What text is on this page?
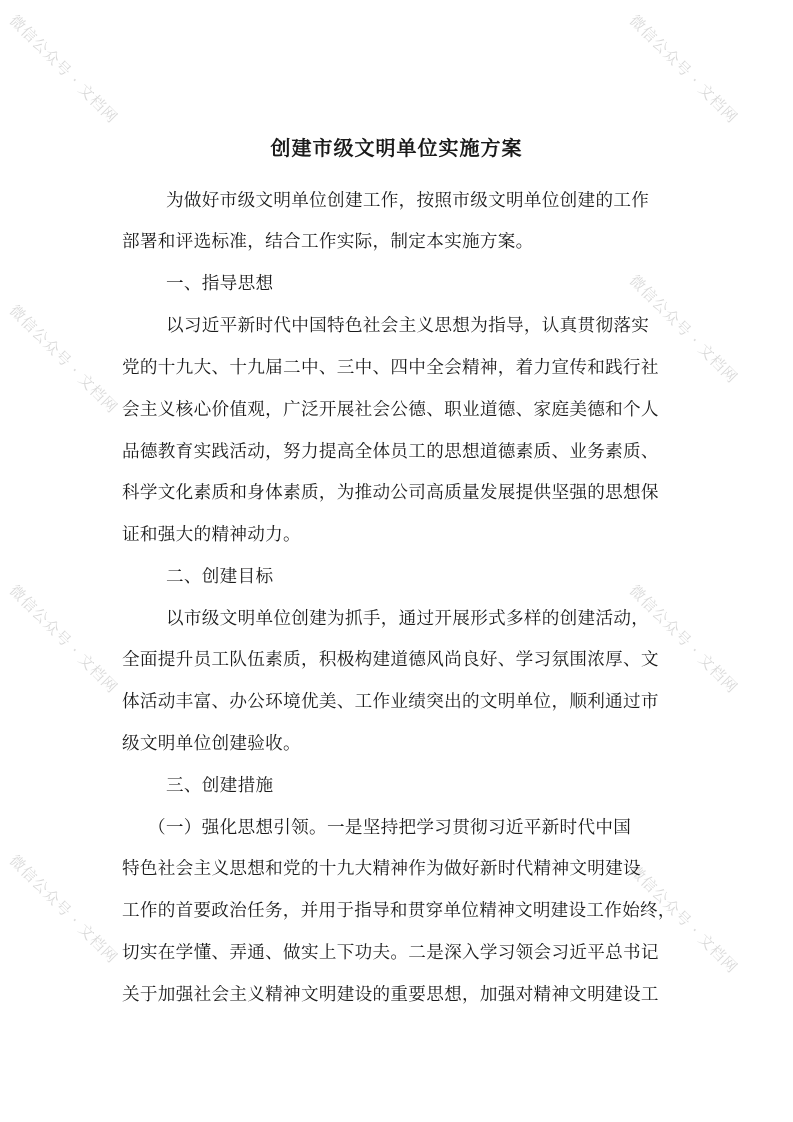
微信公众号 · 文档网	微信公众号 · 文档网
微信公众号 · 文档网	微信公众号 · 文档网
微信公众号 · 文档网	微信公众号 · 文档网
微信公众号 · 文档网	微信公众号 · 文档网
创建市级文明单位实施方案
为做好市级文明单位创建工作，按照市级文明单位创建的工作
部署和评选标准，结合工作实际，制定本实施方案。
一、指导思想
以习近平新时代中国特色社会主义思想为指导，认真贯彻落实
党的十九大、十九届二中、三中、四中全会精神，着力宣传和践行社
会主义核心价值观，广泛开展社会公德、职业道德、家庭美德和个人
品德教育实践活动，努力提高全体员工的思想道德素质、业务素质、
科学文化素质和身体素质，为推动公司高质量发展提供坚强的思想保
证和强大的精神动力。
二、创建目标
以市级文明单位创建为抓手，通过开展形式多样的创建活动，
全面提升员工队伍素质，积极构建道德风尚良好、学习氛围浓厚、文
体活动丰富、办公环境优美、工作业绩突出的文明单位，顺利通过市
级文明单位创建验收。
三、创建措施
（一）强化思想引领。一是坚持把学习贯彻习近平新时代中国
特色社会主义思想和党的十九大精神作为做好新时代精神文明建设
工作的首要政治任务，并用于指导和贯穿单位精神文明建设工作始终，
切实在学懂、弄通、做实上下功夫。二是深入学习领会习近平总书记
关于加强社会主义精神文明建设的重要思想，加强对精神文明建设工
